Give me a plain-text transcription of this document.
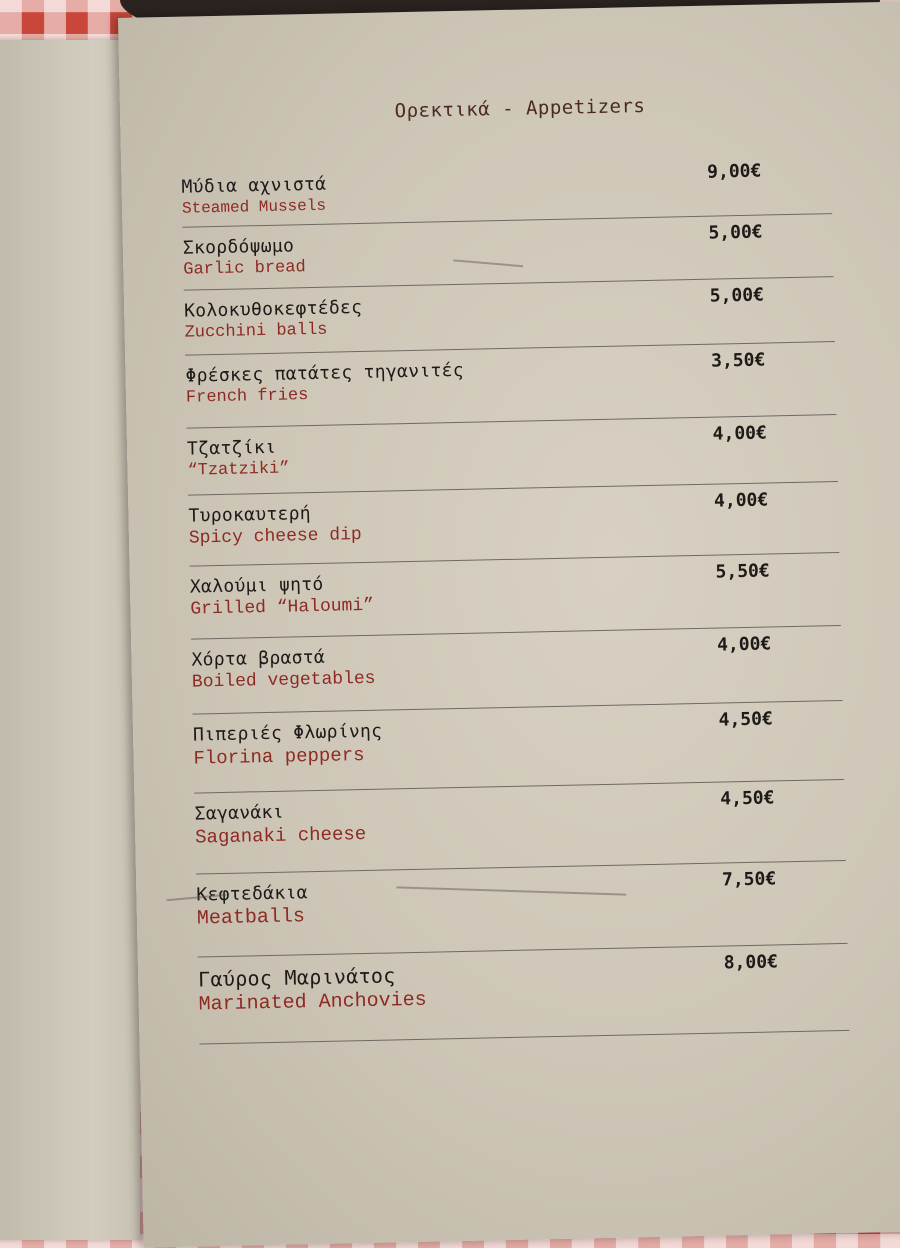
Ορεκτικά - Appetizers
Μύδια αχνιστά
Steamed Mussels
9,00€
Σκορδόψωμο
Garlic bread
5,00€
Κολοκυθοκεφτέδες
Zucchini balls
5,00€
Φρέσκες πατάτες τηγανιτές
French fries
3,50€
Τζατζίκι
“Tzatziki”
4,00€
Τυροκαυτερή
Spicy cheese dip
4,00€
Χαλούμι ψητό
Grilled “Haloumi”
5,50€
Χόρτα βραστά
Boiled vegetables
4,00€
Πιπεριές Φλωρίνης
Florina peppers
4,50€
Σαγανάκι
Saganaki cheese
4,50€
Κεφτεδάκια
Meatballs
7,50€
Γαύρος Μαρινάτος
Marinated Anchovies
8,00€
